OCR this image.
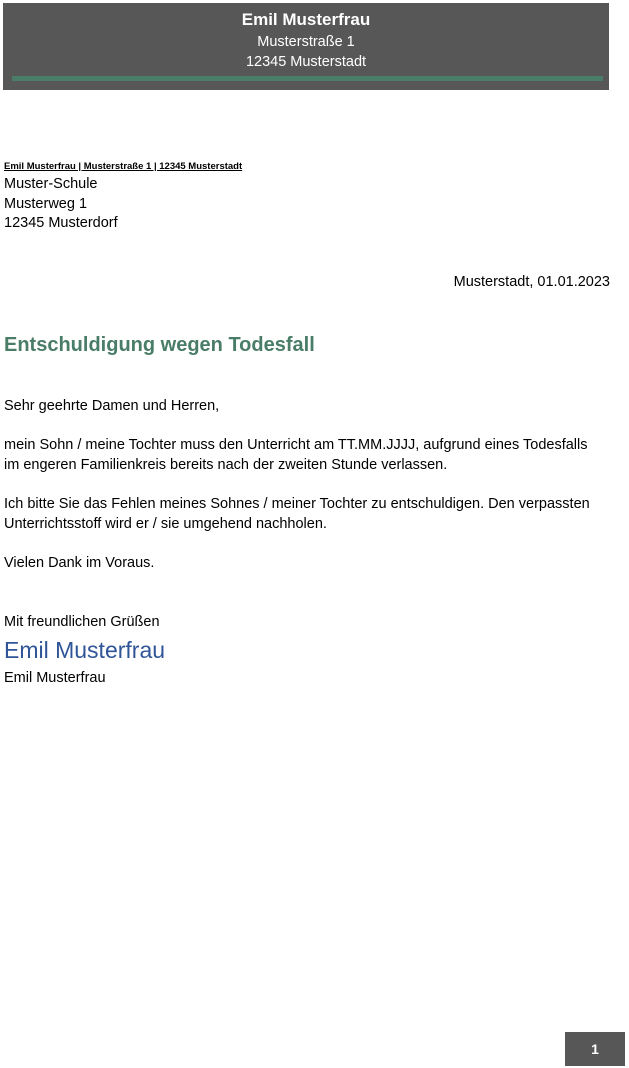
Emil Musterfrau
Musterstraße 1
12345 Musterstadt
Emil Musterfrau | Musterstraße 1 | 12345 Musterstadt
Muster-Schule
Musterweg 1
12345 Musterdorf
Musterstadt, 01.01.2023
Entschuldigung wegen Todesfall
Sehr geehrte Damen und Herren,
mein Sohn / meine Tochter muss den Unterricht am TT.MM.JJJJ, aufgrund eines Todesfalls im engeren Familienkreis bereits nach der zweiten Stunde verlassen.
Ich bitte Sie das Fehlen meines Sohnes / meiner Tochter zu entschuldigen. Den verpassten Unterrichtsstoff wird er / sie umgehend nachholen.
Vielen Dank im Voraus.
Mit freundlichen Grüßen
Emil Musterfrau
Emil Musterfrau
1
